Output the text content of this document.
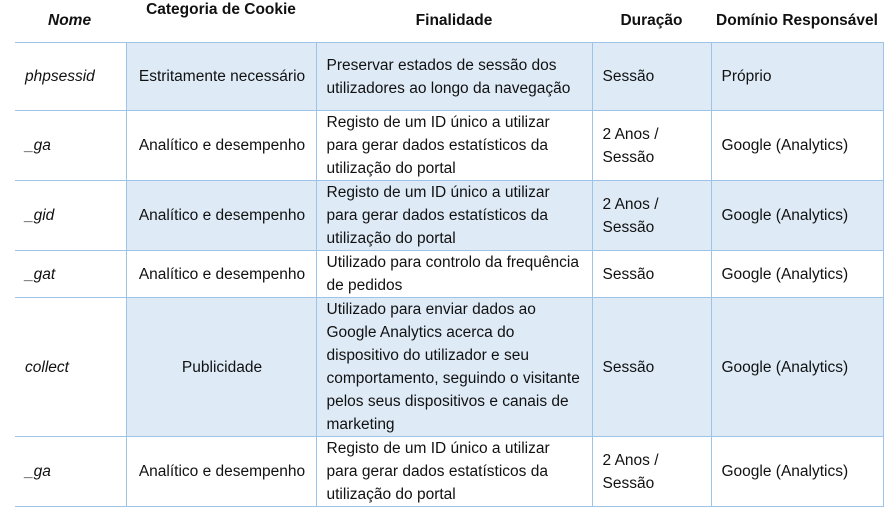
Nome	Categoria de Cookie	Finalidade	Duração	Domínio Responsável
phpsessid	Estritamente necessário	Preservar estados de sessão dos utilizadores ao longo da navegação	Sessão	Próprio
_ga	Analítico e desempenho	Registo de um ID único a utilizar para gerar dados estatísticos da utilização do portal	2 Anos / Sessão	Google (Analytics)
_gid	Analítico e desempenho	Registo de um ID único a utilizar para gerar dados estatísticos da utilização do portal	2 Anos / Sessão	Google (Analytics)
_gat	Analítico e desempenho	Utilizado para controlo da frequência de pedidos	Sessão	Google (Analytics)
collect	Publicidade	Utilizado para enviar dados ao Google Analytics acerca do dispositivo do utilizador e seu comportamento, seguindo o visitante pelos seus dispositivos e canais de marketing	Sessão	Google (Analytics)
_ga	Analítico e desempenho	Registo de um ID único a utilizar para gerar dados estatísticos da utilização do portal	2 Anos / Sessão	Google (Analytics)
